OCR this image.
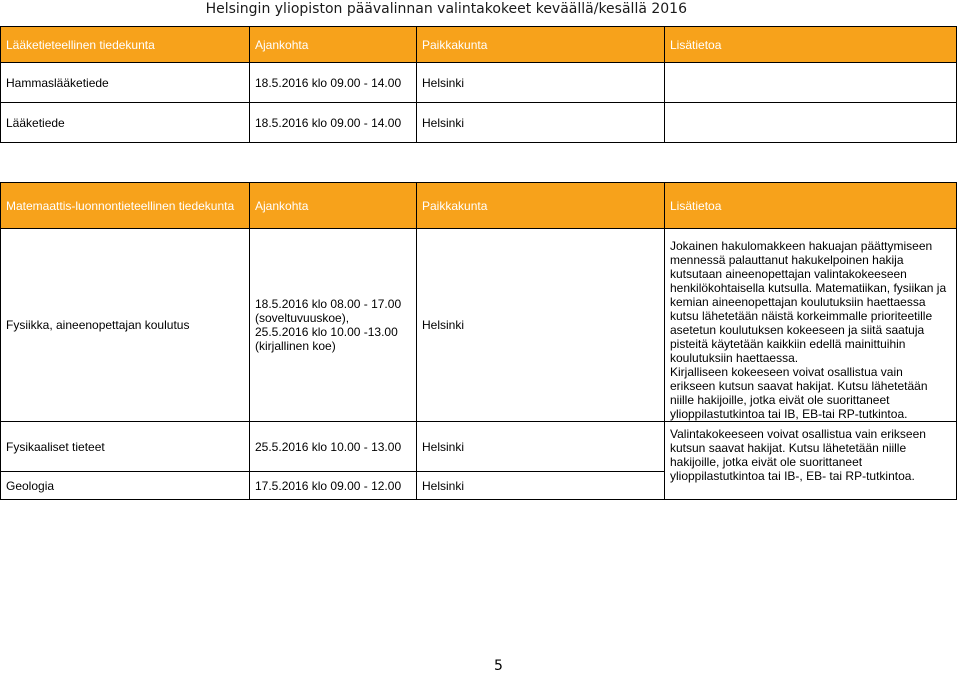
Helsingin yliopiston päävalinnan valintakokeet keväällä/kesällä 2016
Lääketieteellinen tiedekunta	Ajankohta	Paikkakunta	Lisätietoa
Hammaslääketiede	18.5.2016 klo 09.00 - 14.00	Helsinki	
Lääketiede	18.5.2016 klo 09.00 - 14.00	Helsinki	
Matemaattis-luonnontieteellinen tiedekunta	Ajankohta	Paikkakunta	Lisätietoa
Fysiikka, aineenopettajan koulutus	18.5.2016 klo 08.00 - 17.00 (soveltuvuuskoe), 25.5.2016 klo 10.00 -13.00 (kirjallinen koe)	Helsinki	Jokainen hakulomakkeen hakuajan päättymiseen mennessä palauttanut hakukelpoinen hakija kutsutaan aineenopettajan valintakokeeseen henkilökohtaisella kutsulla. Matematiikan, fysiikan ja kemian aineenopettajan koulutuksiin haettaessa kutsu lähetetään näistä korkeimmalle prioriteetille asetetun koulutuksen kokeeseen ja siitä saatuja pisteitä käytetään kaikkiin edellä mainittuihin koulutuksiin haettaessa.

Kirjalliseen kokeeseen voivat osallistua vain erikseen kutsun saavat hakijat. Kutsu lähetetään niille hakijoille, jotka eivät ole suorittaneet ylioppilastutkintoa tai IB, EB-tai RP-tutkintoa.

Fysikaaliset tieteet	25.5.2016 klo 10.00 - 13.00	Helsinki	Valintakokeeseen voivat osallistua vain erikseen kutsun saavat hakijat. Kutsu lähetetään niille hakijoille, jotka eivät ole suorittaneet ylioppilastutkintoa tai IB-, EB- tai RP-tutkintoa.
Geologia	17.5.2016 klo 09.00 - 12.00	Helsinki	
5
